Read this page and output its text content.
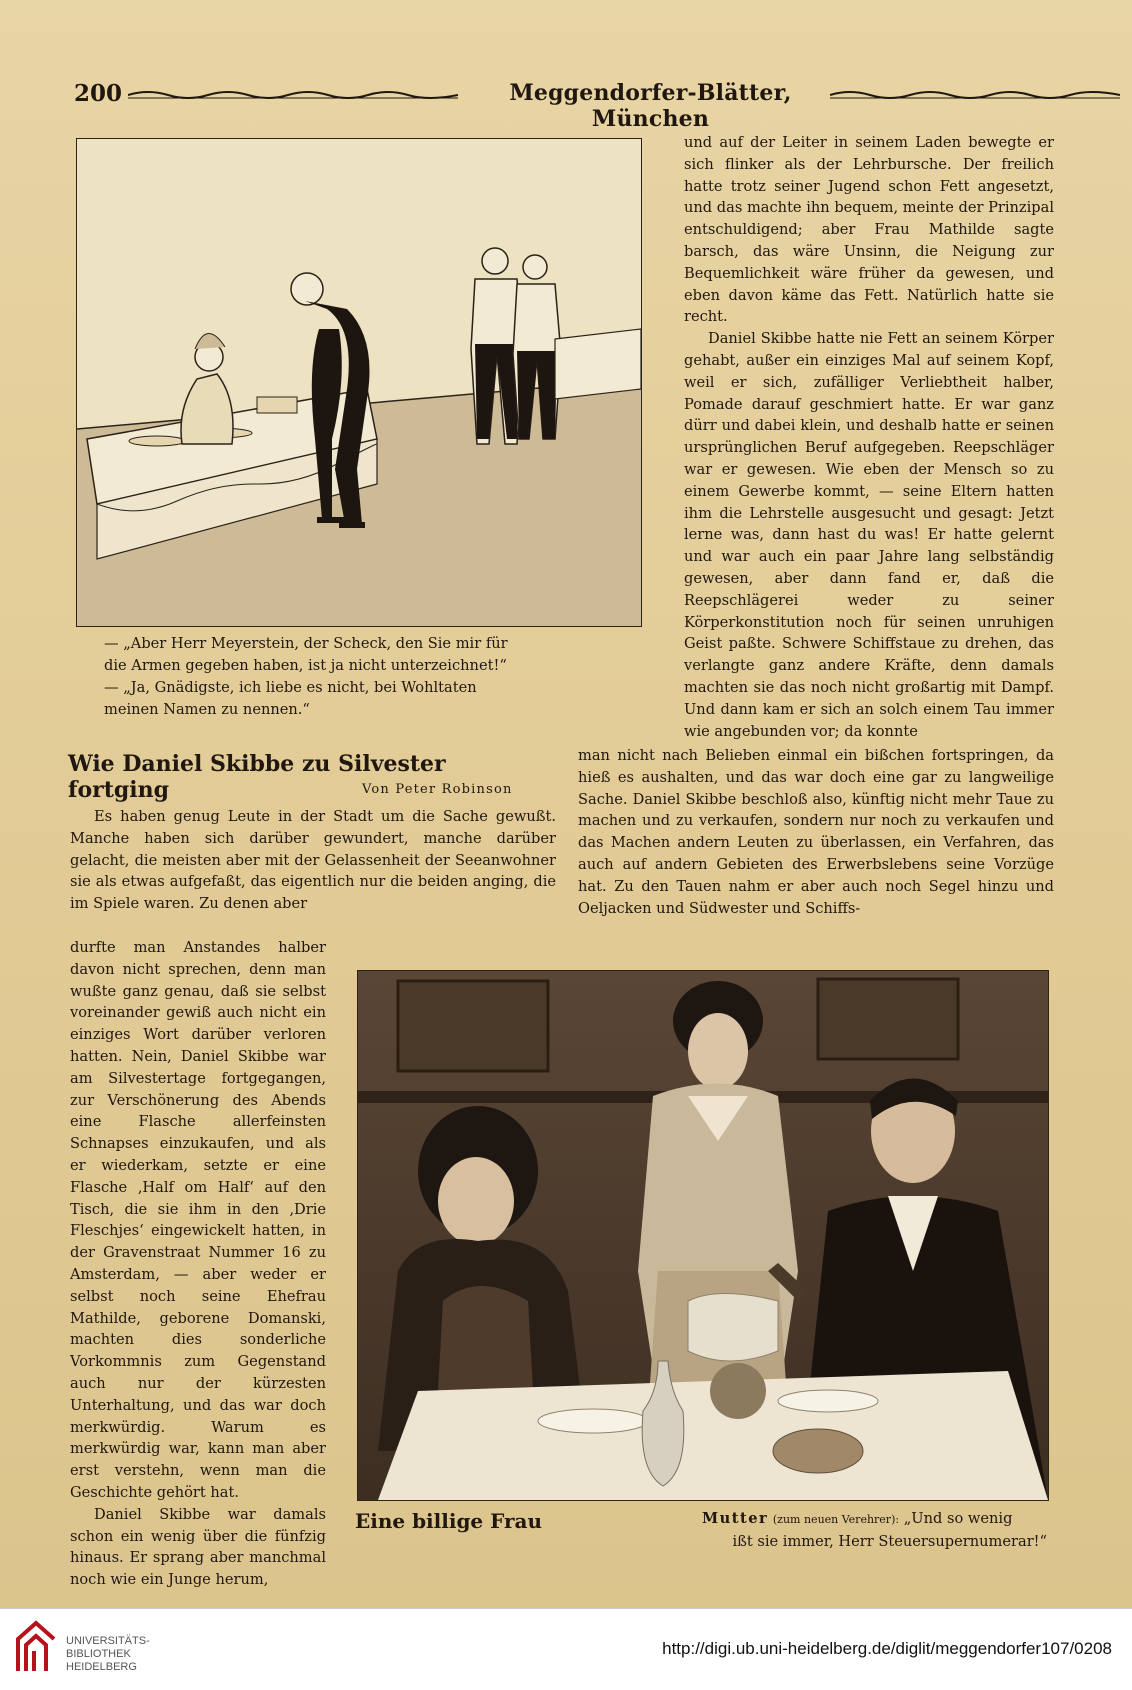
200	Meggendorfer-Blätter, München

— „Aber Herr Meyerstein, der Scheck, den Sie mir für

die Armen gegeben haben, ist ja nicht unterzeichnet!“

— „Ja, Gnädigste, ich liebe es nicht, bei Wohltaten

meinen Namen zu nennen.“

und auf der Leiter in seinem Laden bewegte er sich flinker als der Lehrbursche. Der freilich hatte trotz seiner Jugend schon Fett angesetzt, und das machte ihn bequem, meinte der Prinzipal entschuldigend; aber Frau Mathilde sagte barsch, das wäre Unsinn, die Neigung zur Bequemlichkeit wäre früher da gewesen, und eben davon käme das Fett. Natürlich hatte sie recht.

Daniel Skibbe hatte nie Fett an seinem Körper gehabt, außer ein einziges Mal auf seinem Kopf, weil er sich, zufälliger Verliebtheit halber, Pomade darauf geschmiert hatte. Er war ganz dürr und dabei klein, und deshalb hatte er seinen ursprünglichen Beruf aufgegeben. Reepschläger war er gewesen. Wie eben der Mensch so zu einem Gewerbe kommt, — seine Eltern hatten ihm die Lehrstelle ausgesucht und gesagt: Jetzt lerne was, dann hast du was! Er hatte gelernt und war auch ein paar Jahre lang selbständig gewesen, aber dann fand er, daß die Reepschlägerei weder zu seiner Körperkonstitution noch für seinen unruhigen Geist paßte. Schwere Schiffstaue zu drehen, das verlangte ganz andere Kräfte, denn damals machten sie das noch nicht großartig mit Dampf. Und dann kam er sich an solch einem Tau immer wie angebunden vor; da konnte

man nicht nach Belieben einmal ein bißchen fortspringen, da hieß es aushalten, und das war doch eine gar zu langweilige Sache. Daniel Skibbe beschloß also, künftig nicht mehr Taue zu machen und zu verkaufen, sondern nur noch zu verkaufen und das Machen andern Leuten zu überlassen, ein Verfahren, das auch auf andern Gebieten des Erwerbslebens seine Vorzüge hat. Zu den Tauen nahm er aber auch noch Segel hinzu und Oeljacken und Südwester und Schiffs-

Wie Daniel Skibbe zu Silvester fortging	Von Peter Robinson

Es haben genug Leute in der Stadt um die Sache gewußt. Manche haben sich darüber gewundert, manche darüber gelacht, die meisten aber mit der Gelassenheit der Seeanwohner sie als etwas aufgefaßt, das eigentlich nur die beiden anging, die im Spiele waren. Zu denen aber

durfte man Anstandes halber davon nicht sprechen, denn man wußte ganz genau, daß sie selbst voreinander gewiß auch nicht ein einziges Wort darüber verloren hatten. Nein, Daniel Skibbe war am Silvestertage fortgegangen, zur Verschönerung des Abends eine Flasche allerfeinsten Schnapses einzukaufen, und als er wiederkam, setzte er eine Flasche ‚Half om Half‘ auf den Tisch, die sie ihm in den ‚Drie Fleschjes‘ eingewickelt hatten, in der Gravenstraat Nummer 16 zu Amsterdam, — aber weder er selbst noch seine Ehefrau Mathilde, geborene Domanski, machten dies sonderliche Vorkommnis zum Gegenstand auch nur der kürzesten Unterhaltung, und das war doch merkwürdig. Warum es merkwürdig war, kann man aber erst verstehn, wenn man die Geschichte gehört hat.

Daniel Skibbe war damals schon ein wenig über die fünfzig hinaus. Er sprang aber manchmal noch wie ein Junge herum,

Eine billige Frau	Mutter (zum neuen Verehrer): „Und so wenig

ißt sie immer, Herr Steuersupernumerar!“

UNIVERSITÄTS-
BIBLIOTHEK
HEIDELBERG
http://digi.ub.uni-heidelberg.de/diglit/meggendorfer107/0208
